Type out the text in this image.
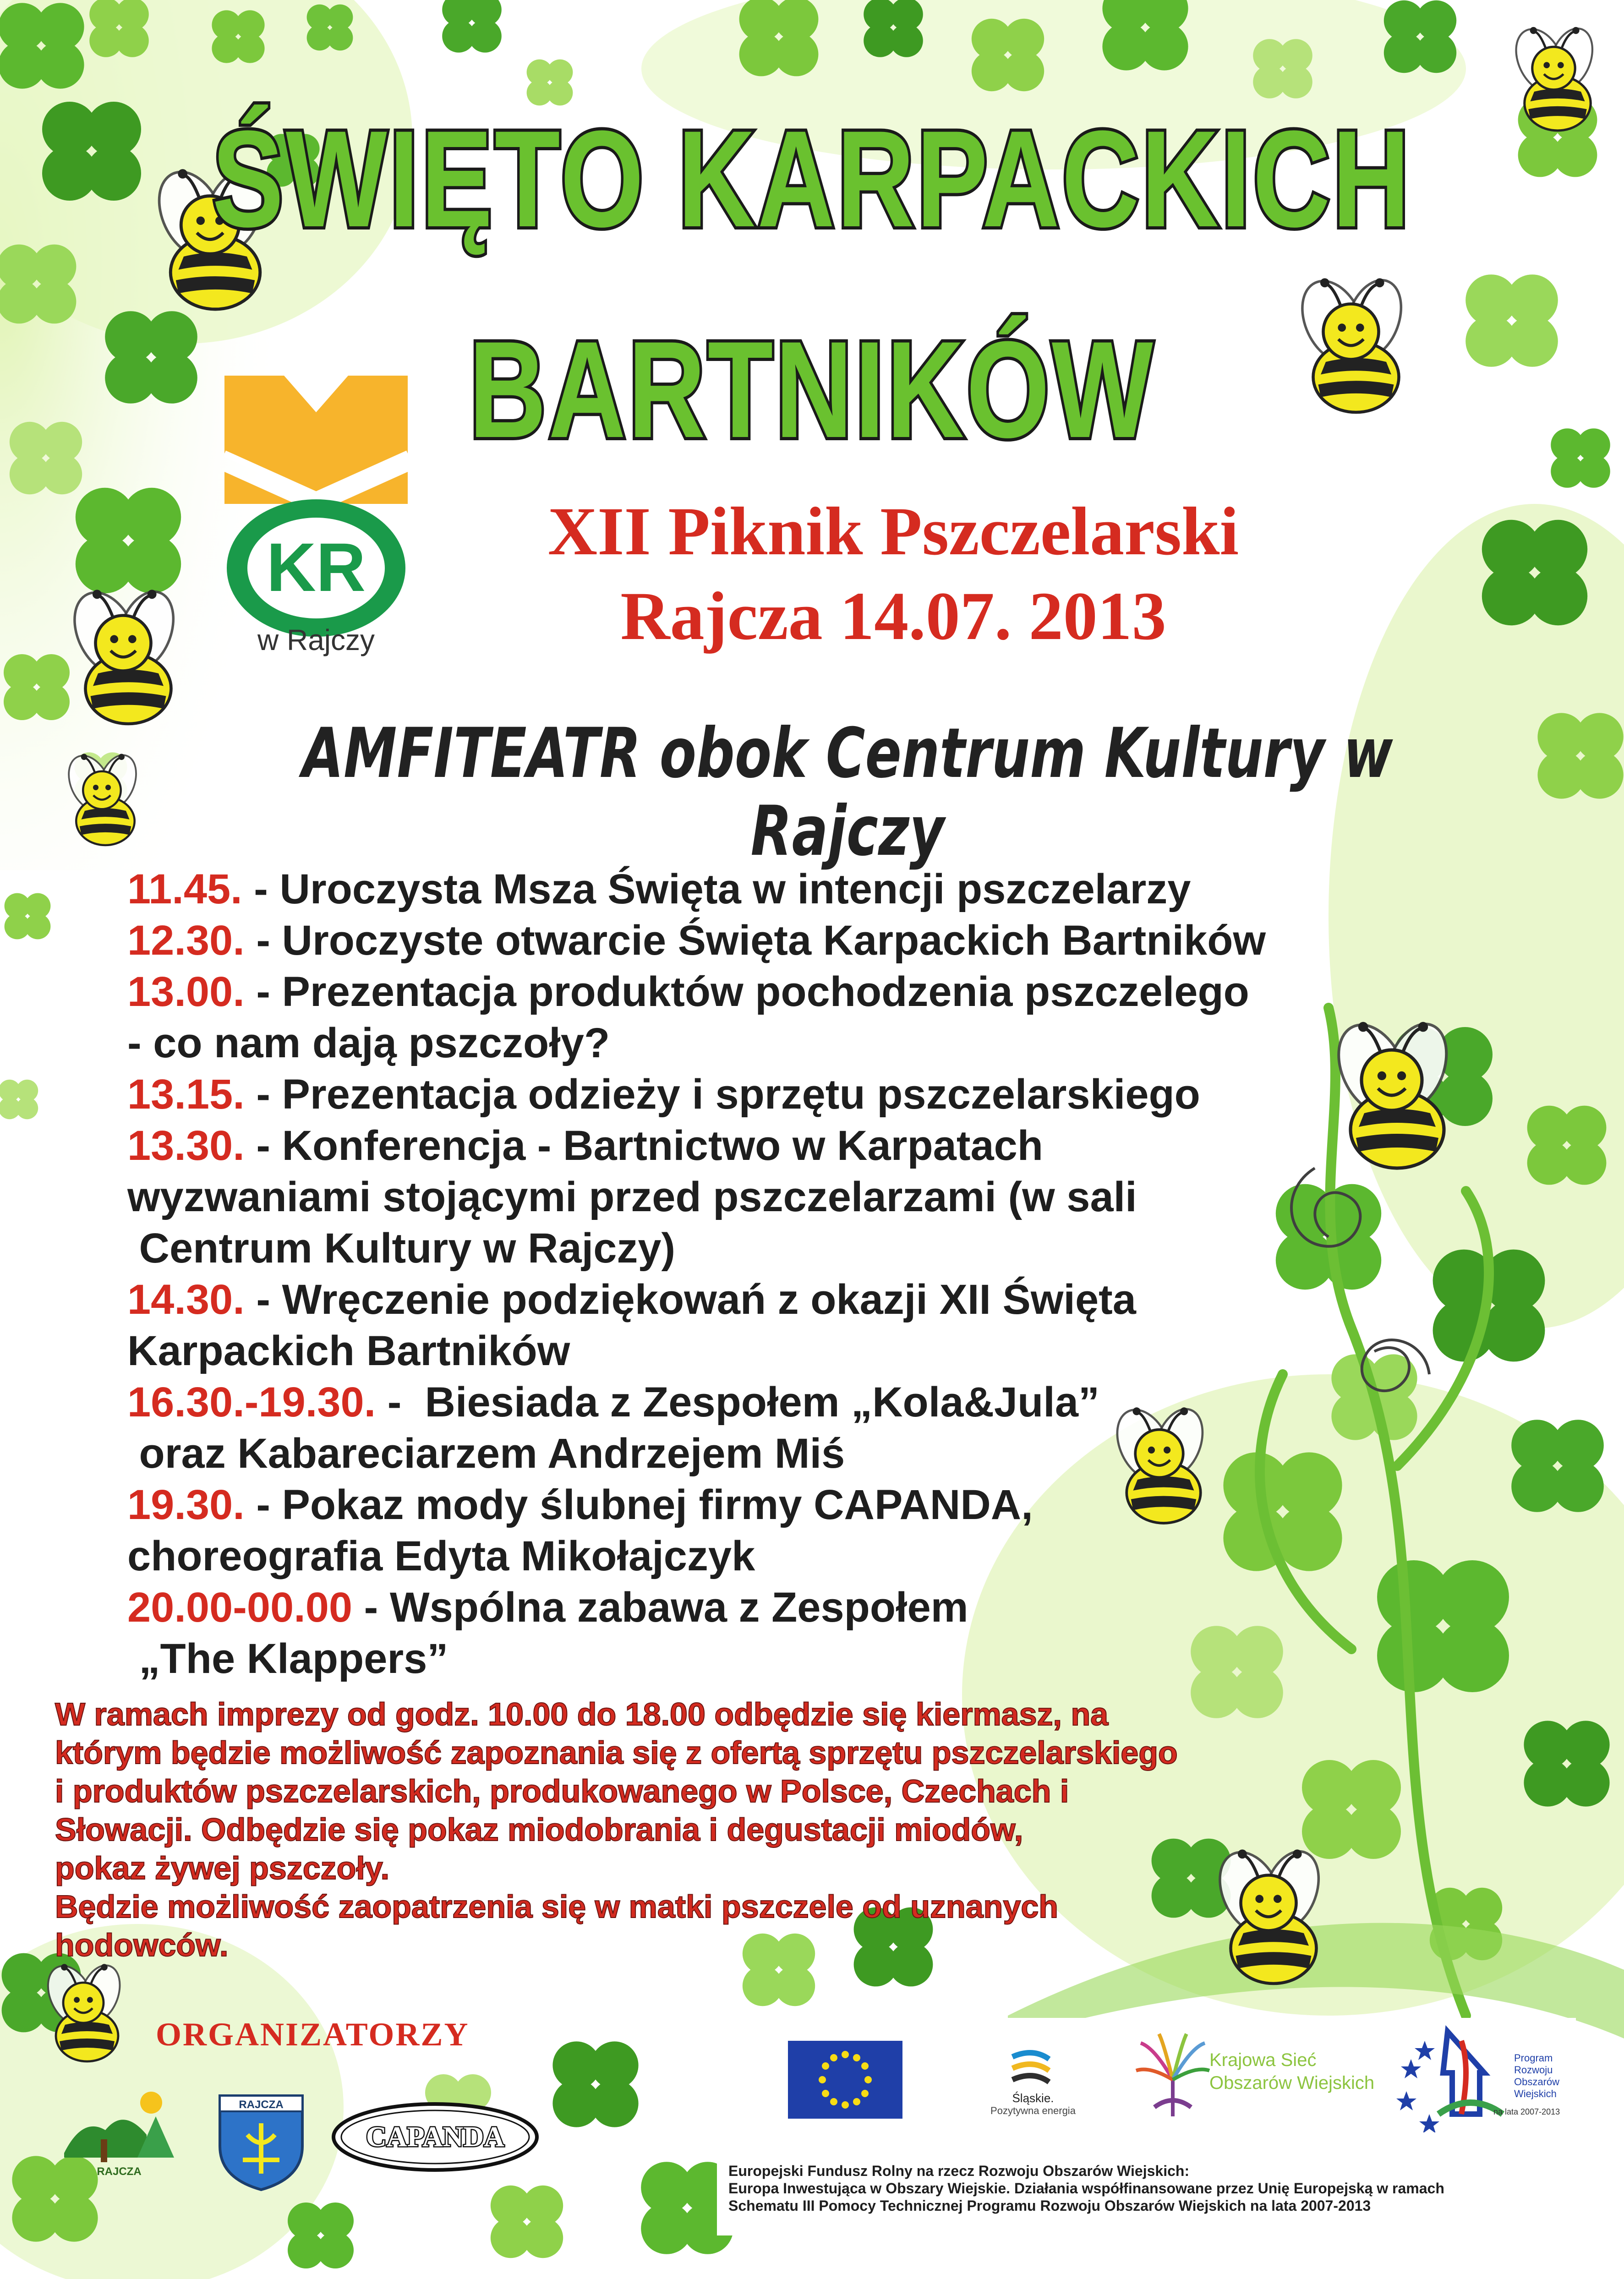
ŚWIĘTO KARPACKICH
BARTNIKÓW
KR
w Rajczy
XII Piknik Pszczelarski
Rajcza 14.07. 2013
AMFITEATR obok Centrum Kultury w Rajczy
11.45. - Uroczysta Msza Święta w intencji pszczelarzy
12.30. - Uroczyste otwarcie Święta Karpackich Bartników
13.00. - Prezentacja produktów pochodzenia pszczelego
- co nam dają pszczoły?
13.15. - Prezentacja odzieży i sprzętu pszczelarskiego
13.30. - Konferencja - Bartnictwo w Karpatach
wyzwaniami stojącymi przed pszczelarzami (w sali
Centrum Kultury w Rajczy)
14.30. - Wręczenie podziękowań z okazji XII Święta
Karpackich Bartników
16.30.-19.30. -  Biesiada z Zespołem „Kola&Jula”
oraz Kabareciarzem Andrzejem Miś
19.30. - Pokaz mody ślubnej firmy CAPANDA,
choreografia Edyta Mikołajczyk
20.00-00.00 - Wspólna zabawa z Zespołem
„The Klappers”
W ramach imprezy od godz. 10.00 do 18.00 odbędzie się kiermasz, na
którym będzie możliwość zapoznania się z ofertą sprzętu pszczelarskiego
i produktów pszczelarskich, produkowanego w Polsce, Czechach i
Słowacji. Odbędzie się pokaz miodobrania i degustacji miodów,
pokaz żywej pszczoły.
Będzie możliwość zaopatrzenia się w matki pszczele od uznanych
hodowców.
ORGANIZATORZY
RAJCZA
RAJCZA
CAPANDA
Śląskie.
Pozytywna energia
Krajowa Sieć
Obszarów Wiejskich
Program
Rozwoju
Obszarów
Wiejskich
na lata 2007-2013
Europejski Fundusz Rolny na rzecz Rozwoju Obszarów Wiejskich:
Europa Inwestująca w Obszary Wiejskie. Działania współfinansowane przez Unię Europejską w ramach
Schematu III Pomocy Technicznej Programu Rozwoju Obszarów Wiejskich na lata 2007-2013
